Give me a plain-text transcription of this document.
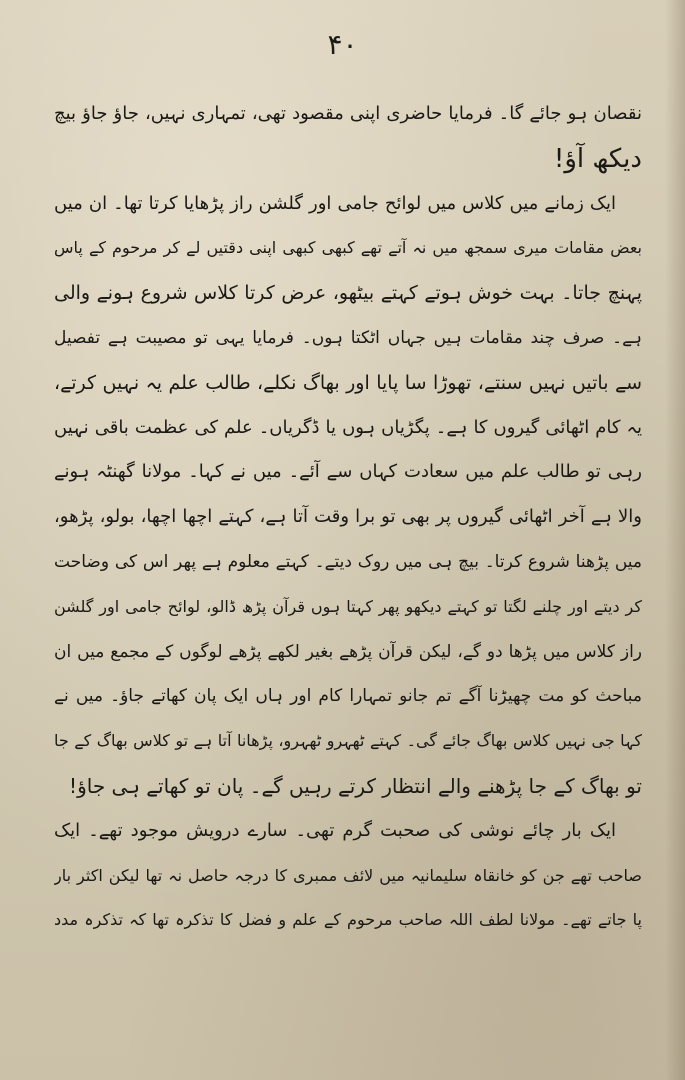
۴۰
نقصان ہو جائے گا۔ فرمایا حاضری اپنی مقصود تھی، تمہاری نہیں، جاؤ جاؤ بیچ
دیکھ آؤ!
ایک زمانے میں کلاس میں لوائح جامی اور گلشن راز پڑھایا کرتا تھا۔ ان میں
بعض مقامات میری سمجھ میں نہ آتے تھے کبھی کبھی اپنی دقتیں لے کر مرحوم کے پاس
پہنچ جاتا۔ بہت خوش ہوتے کہتے بیٹھو، عرض کرتا کلاس شروع ہونے والی
ہے۔ صرف چند مقامات ہیں جہاں اٹکتا ہوں۔ فرمایا یہی تو مصیبت ہے تفصیل
سے باتیں نہیں سنتے، تھوڑا سا پایا اور بھاگ نکلے، طالب علم یہ نہیں کرتے،
یہ کام اٹھائی گیروں کا ہے۔ پگڑیاں ہوں یا ڈگریاں۔ علم کی عظمت باقی نہیں
رہی تو طالب علم میں سعادت کہاں سے آئے۔ میں نے کہا۔ مولانا گھنٹہ ہونے
والا ہے آخر اٹھائی گیروں پر بھی تو برا وقت آتا ہے، کہتے اچھا اچھا، بولو، پڑھو،
میں پڑھنا شروع کرتا۔ بیچ ہی میں روک دیتے۔ کہتے معلوم ہے پھر اس کی وضاحت
کر دیتے اور چلنے لگتا تو کہتے دیکھو پھر کہتا ہوں قرآن پڑھ ڈالو، لوائح جامی اور گلشن
راز کلاس میں پڑھا دو گے، لیکن قرآن پڑھے بغیر لکھے پڑھے لوگوں کے مجمع میں ان
مباحث کو مت چھیڑنا آگے تم جانو تمہارا کام اور ہاں ایک پان کھاتے جاؤ۔ میں نے
کہا جی نہیں کلاس بھاگ جائے گی۔ کہتے ٹھہرو ٹھہرو، پڑھانا آتا ہے تو کلاس بھاگ کے جا
تو بھاگ کے جا پڑھنے والے انتظار کرتے رہیں گے۔ پان تو کھاتے ہی جاؤ!
ایک بار چائے نوشی کی صحبت گرم تھی۔ سارے درویش موجود تھے۔ ایک
صاحب تھے جن کو خانقاہ سلیمانیہ میں لائف ممبری کا درجہ حاصل نہ تھا لیکن اکثر بار
پا جاتے تھے۔ مولانا لطف اللہ صاحب مرحوم کے علم و فضل کا تذکرہ تھا کہ تذکرہ مدد
